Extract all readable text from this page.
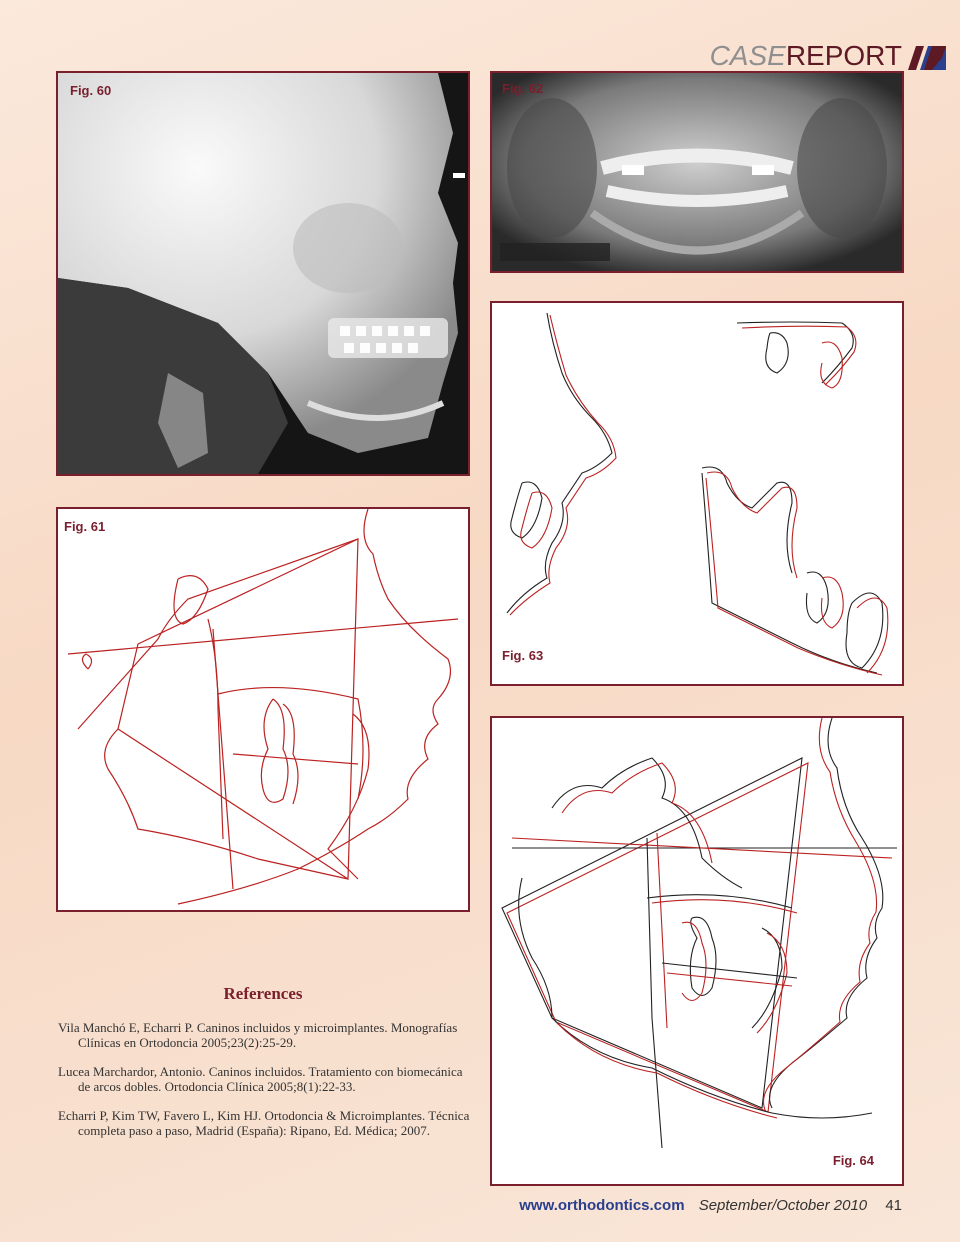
CASEREPORT
Fig. 60	Fig. 62
Fig. 61
Fig. 63
Fig. 64
References

Vila Manchó E, Echarri P. Caninos incluidos y microimplantes. Monografías Clínicas en Ortodoncia 2005;23(2):25-29.

Lucea Marchardor, Antonio. Caninos incluidos. Tratamiento con biomecánica de arcos dobles. Ortodoncia Clínica 2005;8(1):22-33.

Echarri P, Kim TW, Favero L, Kim HJ. Ortodoncia & Microimplantes. Técnica completa paso a paso, Madrid (España): Ripano, Ed. Médica; 2007.

www.orthodontics.com September/October 2010 41
